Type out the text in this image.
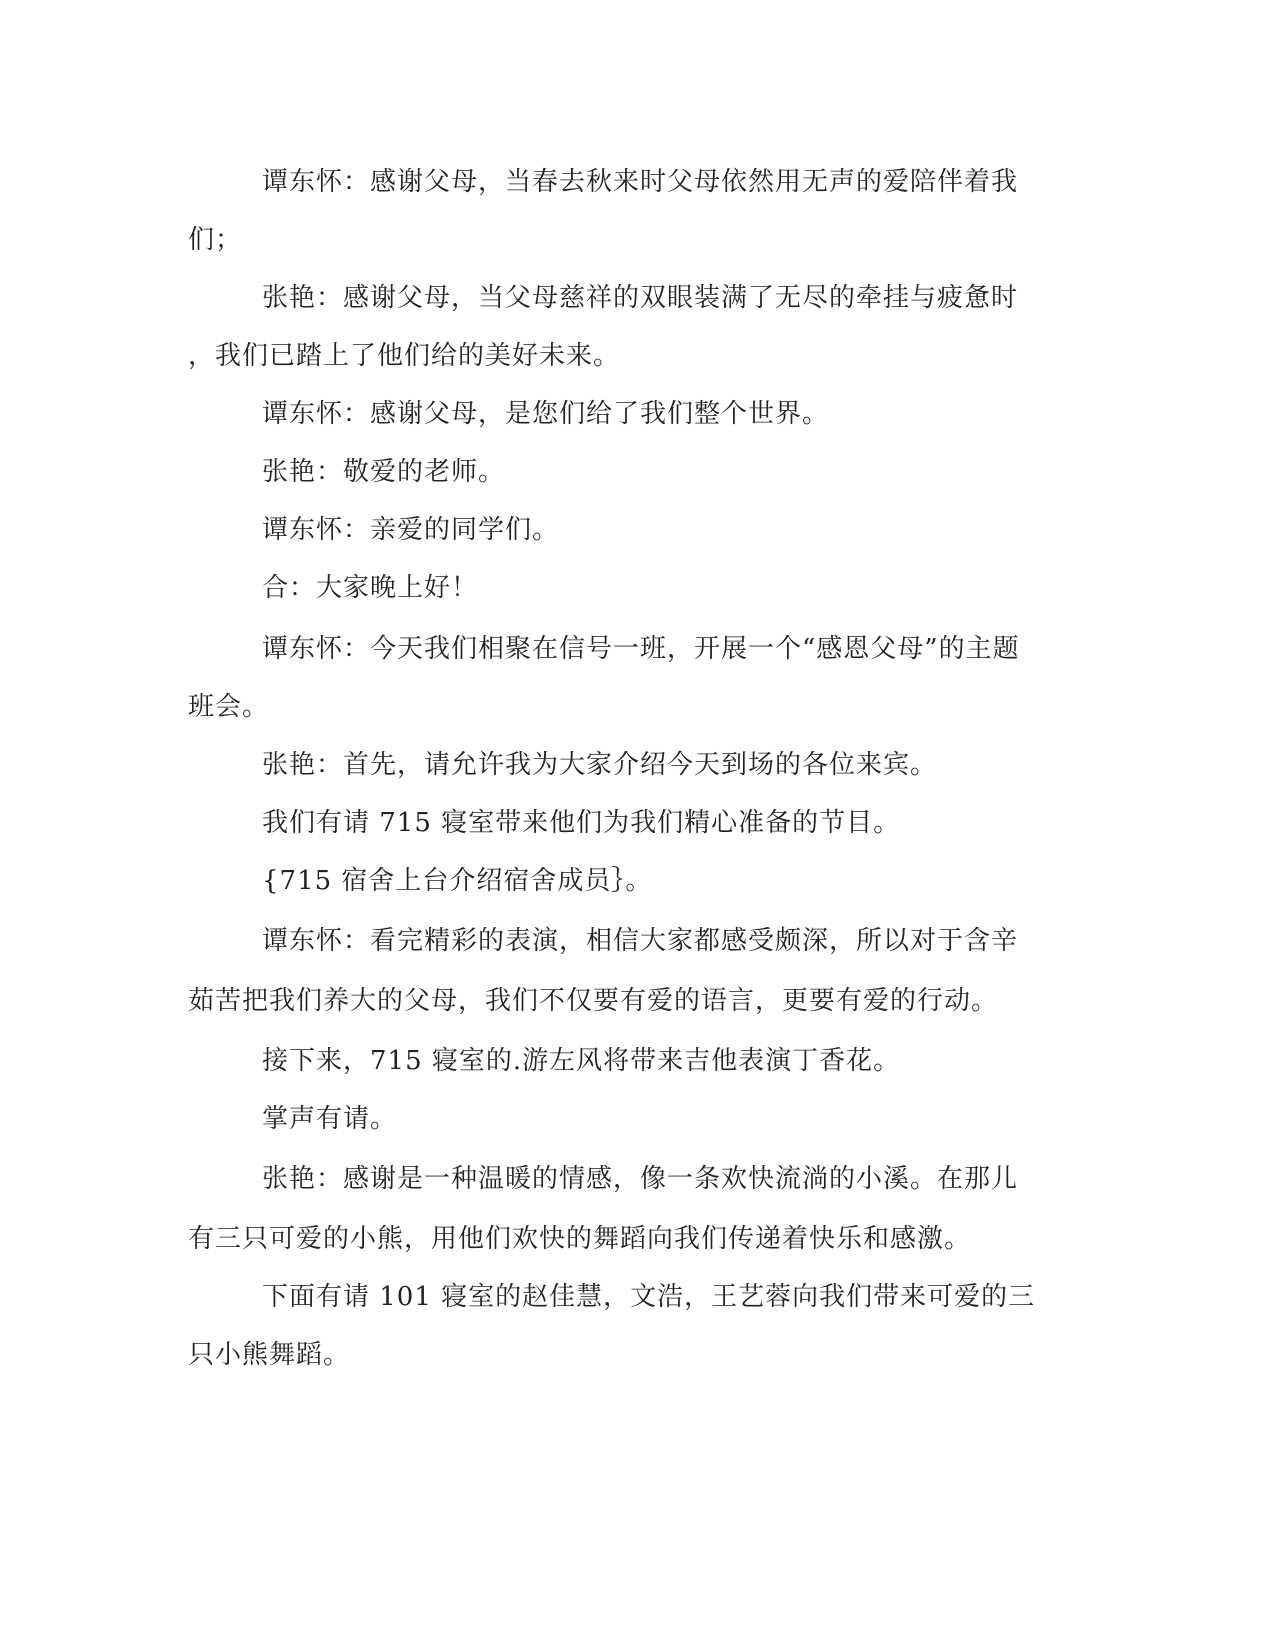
谭东怀：感谢父母，当春去秋来时父母依然用无声的爱陪伴着我

们；

张艳：感谢父母，当父母慈祥的双眼装满了无尽的牵挂与疲惫时

，我们已踏上了他们给的美好未来。

谭东怀：感谢父母，是您们给了我们整个世界。

张艳：敬爱的老师。

谭东怀：亲爱的同学们。

合：大家晚上好！

谭东怀：今天我们相聚在信号一班，开展一个“感恩父母”的主题

班会。

张艳：首先，请允许我为大家介绍今天到场的各位来宾。

我们有请 715 寝室带来他们为我们精心准备的节目。

{715 宿舍上台介绍宿舍成员｝。

谭东怀：看完精彩的表演，相信大家都感受颇深，所以对于含辛

茹苦把我们养大的父母，我们不仅要有爱的语言，更要有爱的行动。

接下来，715 寝室的.游左风将带来吉他表演丁香花。

掌声有请。

张艳：感谢是一种温暖的情感，像一条欢快流淌的小溪。在那儿

有三只可爱的小熊，用他们欢快的舞蹈向我们传递着快乐和感激。

下面有请 101 寝室的赵佳慧，文浩，王艺蓉向我们带来可爱的三

只小熊舞蹈。
